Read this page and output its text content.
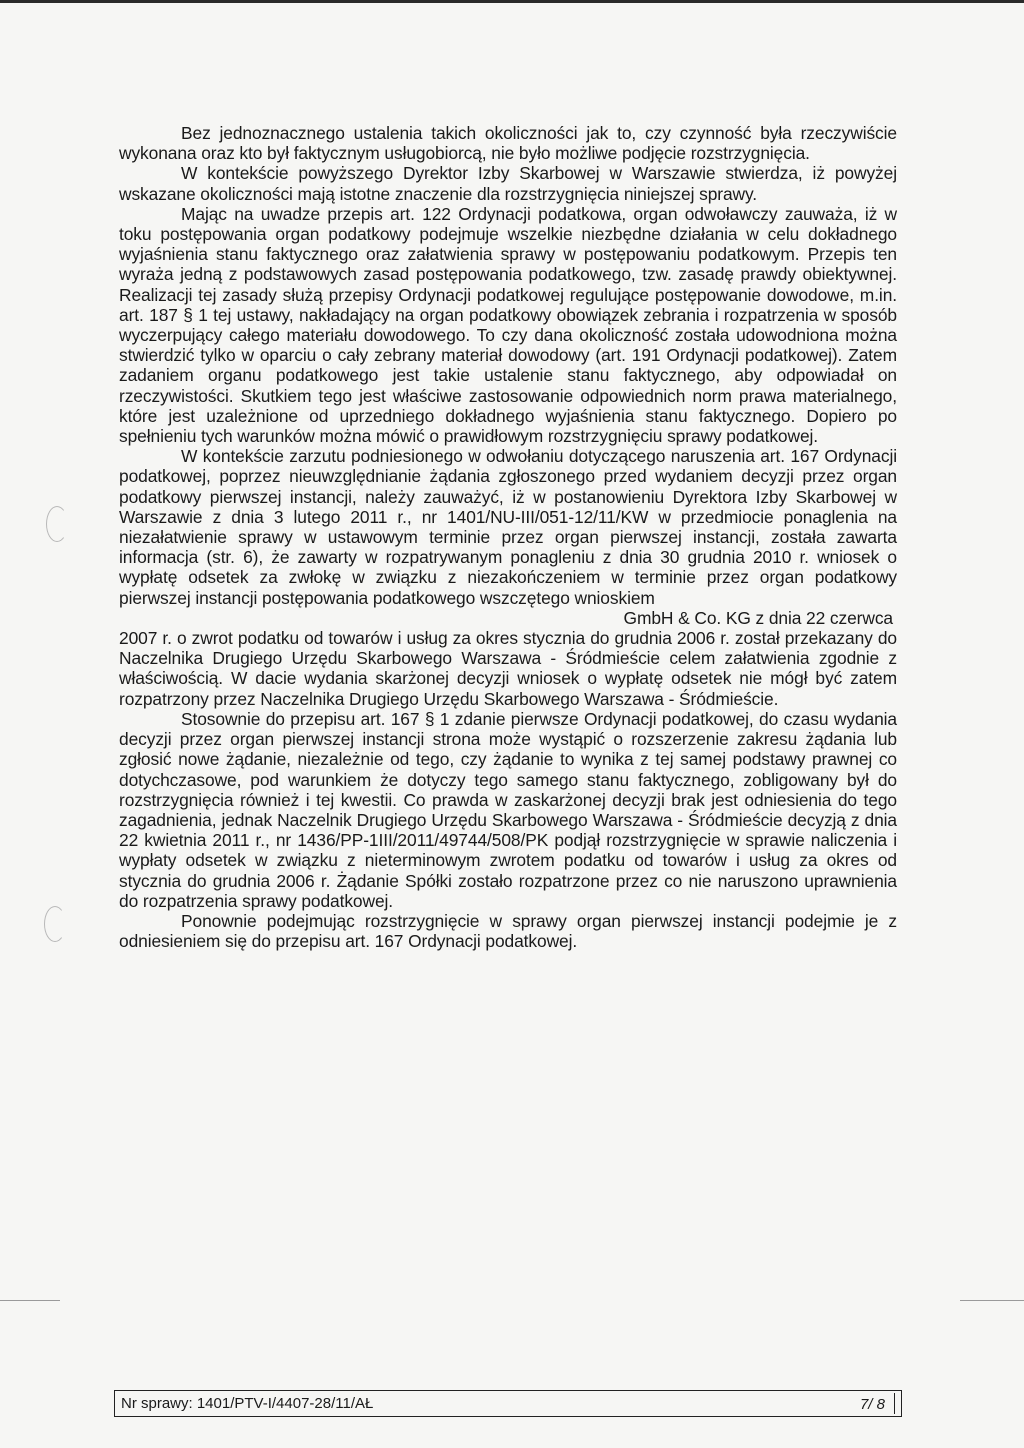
Bez jednoznacznego ustalenia takich okoliczności jak to, czy czynność była rzeczywiście wykonana oraz kto był faktycznym usługobiorcą, nie było możliwe podjęcie rozstrzygnięcia.

W kontekście powyższego Dyrektor Izby Skarbowej w Warszawie stwierdza, iż powyżej wskazane okoliczności mają istotne znaczenie dla rozstrzygnięcia niniejszej sprawy.

Mając na uwadze przepis art. 122 Ordynacji podatkowa, organ odwoławczy zauważa, iż w toku postępowania organ podatkowy podejmuje wszelkie niezbędne działania w celu dokładnego wyjaśnienia stanu faktycznego oraz załatwienia sprawy w postępowaniu podatkowym. Przepis ten wyraża jedną z podstawowych zasad postępowania podatkowego, tzw. zasadę prawdy obiektywnej. Realizacji tej zasady służą przepisy Ordynacji podatkowej regulujące postępowanie dowodowe, m.in. art. 187 § 1 tej ustawy, nakładający na organ podatkowy obowiązek zebrania i rozpatrzenia w sposób wyczerpujący całego materiału dowodowego. To czy dana okoliczność została udowodniona można stwierdzić tylko w oparciu o cały zebrany materiał dowodowy (art. 191 Ordynacji podatkowej). Zatem zadaniem organu podatkowego jest takie ustalenie stanu faktycznego, aby odpowiadał on rzeczywistości. Skutkiem tego jest właściwe zastosowanie odpowiednich norm prawa materialnego, które jest uzależnione od uprzedniego dokładnego wyjaśnienia stanu faktycznego. Dopiero po spełnieniu tych warunków można mówić o prawidłowym rozstrzygnięciu sprawy podatkowej.

W kontekście zarzutu podniesionego w odwołaniu dotyczącego naruszenia art. 167 Ordynacji podatkowej, poprzez nieuwzględnianie żądania zgłoszonego przed wydaniem decyzji przez organ podatkowy pierwszej instancji, należy zauważyć, iż w postanowieniu Dyrektora Izby Skarbowej w Warszawie z dnia 3 lutego 2011 r., nr 1401/NU-III/051-12/11/KW w przedmiocie ponaglenia na niezałatwienie sprawy w ustawowym terminie przez organ pierwszej instancji, została zawarta informacja (str. 6), że zawarty w rozpatrywanym ponagleniu z dnia 30 grudnia 2010 r. wniosek o wypłatę odsetek za zwłokę w związku z niezakończeniem w terminie przez organ podatkowy pierwszej instancji postępowania podatkowego wszczętego wnioskiem

GmbH & Co. KG z dnia 22 czerwca

2007 r. o zwrot podatku od towarów i usług za okres stycznia do grudnia 2006 r. został przekazany do Naczelnika Drugiego Urzędu Skarbowego Warszawa - Śródmieście celem załatwienia zgodnie z właściwością. W dacie wydania skarżonej decyzji wniosek o wypłatę odsetek nie mógł być zatem rozpatrzony przez Naczelnika Drugiego Urzędu Skarbowego Warszawa - Śródmieście.

Stosownie do przepisu art. 167 § 1 zdanie pierwsze Ordynacji podatkowej, do czasu wydania decyzji przez organ pierwszej instancji strona może wystąpić o rozszerzenie zakresu żądania lub zgłosić nowe żądanie, niezależnie od tego, czy żądanie to wynika z tej samej podstawy prawnej co dotychczasowe, pod warunkiem że dotyczy tego samego stanu faktycznego, zobligowany był do rozstrzygnięcia również i tej kwestii. Co prawda w zaskarżonej decyzji brak jest odniesienia do tego zagadnienia, jednak Naczelnik Drugiego Urzędu Skarbowego Warszawa - Śródmieście decyzją z dnia 22 kwietnia 2011 r., nr 1436/PP-1III/2011/49744/508/PK podjął rozstrzygnięcie w sprawie naliczenia i wypłaty odsetek w związku z nieterminowym zwrotem podatku od towarów i usług za okres od stycznia do grudnia 2006 r. Żądanie Spółki zostało rozpatrzone przez co nie naruszono uprawnienia do rozpatrzenia sprawy podatkowej.

Ponownie podejmując rozstrzygnięcie w sprawy organ pierwszej instancji podejmie je z odniesieniem się do przepisu art. 167 Ordynacji podatkowej.

Nr sprawy: 1401/PTV-I/4407-28/11/AŁ	7/ 8
